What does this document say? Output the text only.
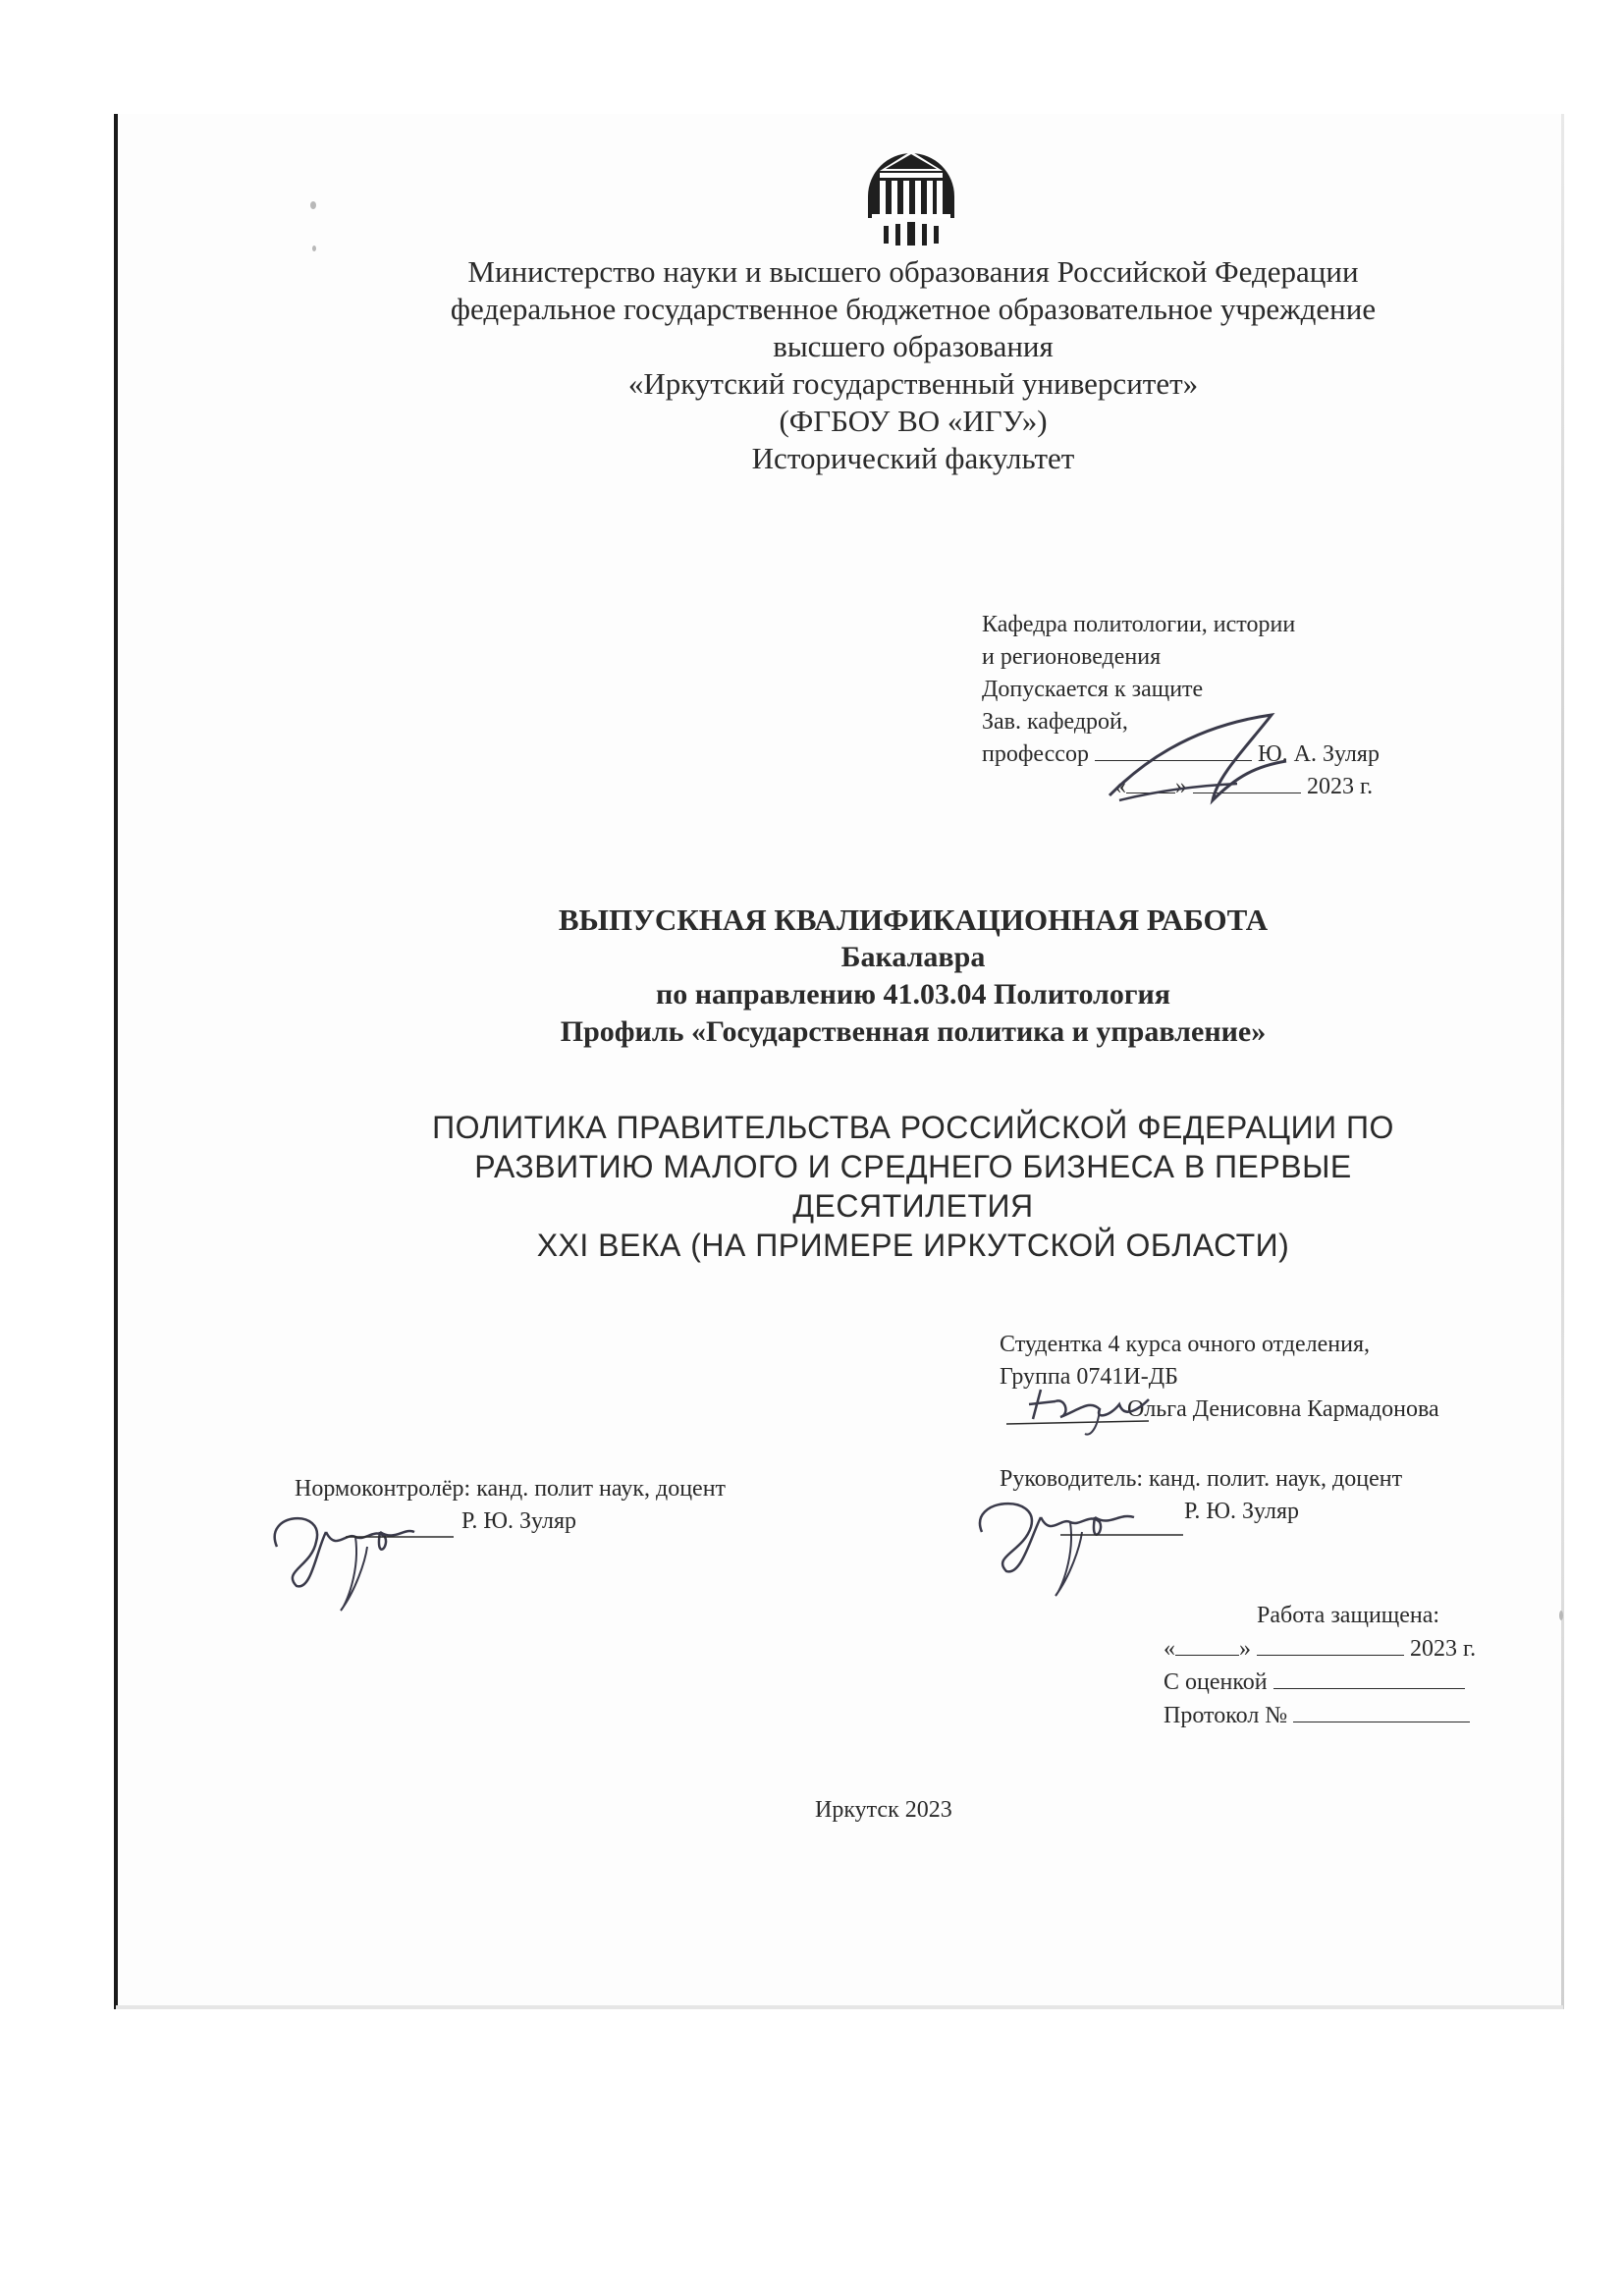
Министерство науки и высшего образования Российской Федерации
федеральное государственное бюджетное образовательное учреждение
высшего образования
«Иркутский государственный университет»
(ФГБОУ ВО «ИГУ»)
Исторический факультет
Кафедра политологии, истории
и регионоведения
Допускается к защите
Зав. кафедрой,
профессор	Ю. А. Зуляр
« »	2023 г.
ВЫПУСКНАЯ КВАЛИФИКАЦИОННАЯ РАБОТА
Бакалавра
по направлению 41.03.04 Политология
Профиль «Государственная политика и управление»
ПОЛИТИКА ПРАВИТЕЛЬСТВА РОССИЙСКОЙ ФЕДЕРАЦИИ ПО
РАЗВИТИЮ МАЛОГО И СРЕДНЕГО БИЗНЕСА В ПЕРВЫЕ ДЕСЯТИЛЕТИЯ
XXI ВЕКА (НА ПРИМЕРЕ ИРКУТСКОЙ ОБЛАСТИ)
Студентка 4 курса очного отделения,
Группа 0741И-ДБ
Ольга Денисовна Кармадонова
Нормоконтролёр: канд. полит наук, доцент
Р. Ю. Зуляр
Руководитель: канд. полит. наук, доцент
Р. Ю. Зуляр
Работа защищена:
«	»	2023 г.
С оценкой
Протокол №
Иркутск 2023
